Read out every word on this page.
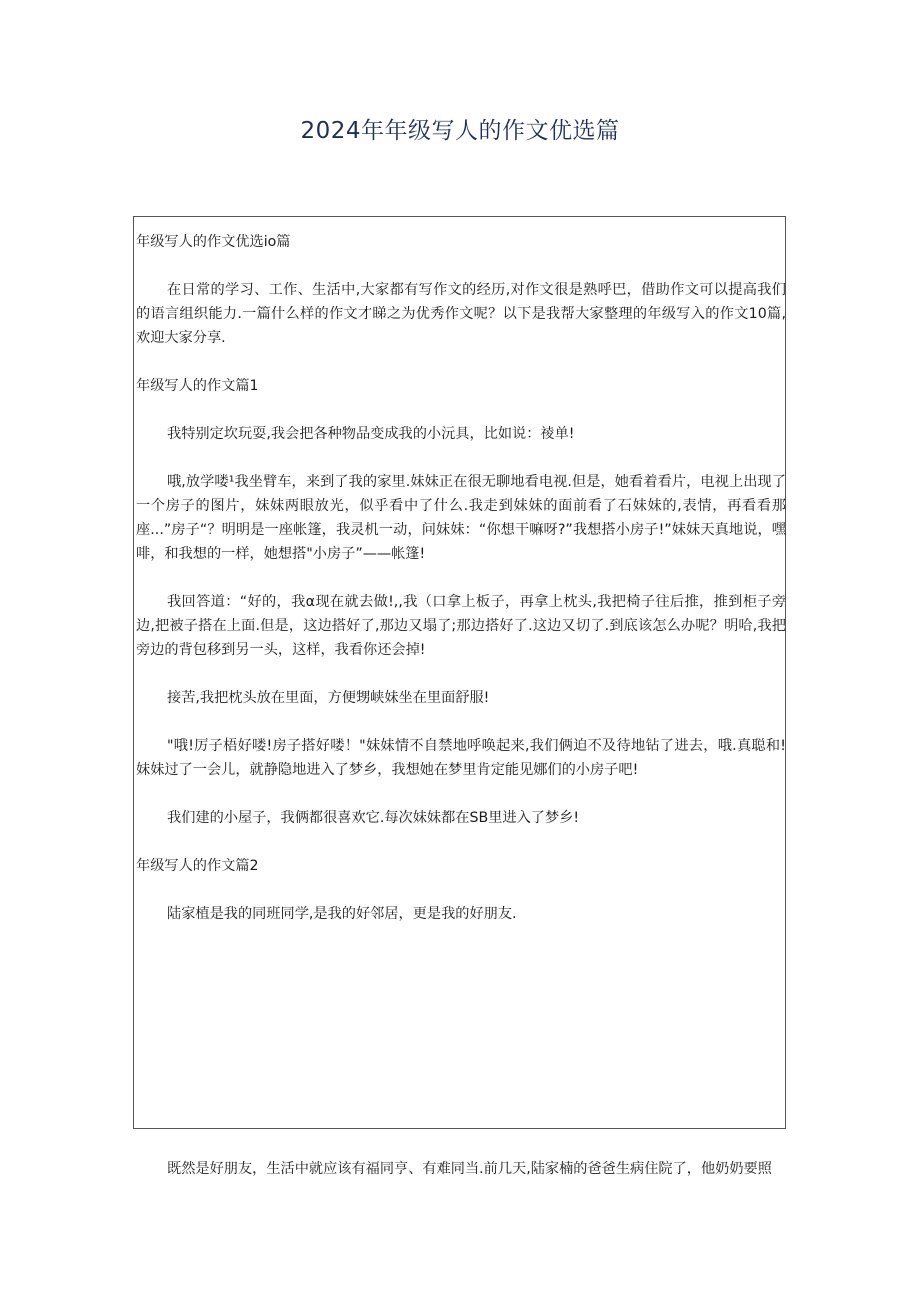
2024年年级写人的作文优选篇

年级写人的作文优选io篇

在日常的学习、工作、生活中,大家都有写作文的经历,对作文很是熟呼巴，借助作文可以提高我们的语言组织能力.一篇什么样的作文才睇之为优秀作文呢？以下是我帮大家整理的年级写入的作文10篇,欢迎大家分享.

年级写人的作文篇1

我特别定坎玩耍,我会把各种物品变成我的小沅具，比如说：祾单!

哦,放学喽¹我坐臂车，来到了我的家里.妹妹正在很无聊地看电视.但是，她看着看片，电视上出现了一个房子的图片，妹妹两眼放光，似乎看中了什么.我走到妹妹的面前看了石妹妹的,表情，再看看那座...”房子“？明明是一座帐篷，我灵机一动，问妹妹：“你想干嘛呀?”我想搭小房子!”妹妹天真地说，嘿啡，和我想的一样，她想搭"小房子”——帐篷!

我回答道：“好的，我α现在就去做!,,我（口拿上板子，再拿上枕头,我把椅子往后推，推到柜子旁边,把被子搭在上面.但是，这边搭好了,那边又塌了;那边搭好了.这边又切了.到底该怎么办呢？明哈,我把旁边的背包移到另一头，这样，我看你还会掉!

接苦,我把枕头放在里面，方便甥峡妹坐在里面舒服!

"哦!厉子梧好喽!房子搭好喽！"妹妹情不自禁地呼唤起来,我们俩迫不及待地钻了进去，哦.真聪和!妹妹过了一会儿，就静隐地进入了梦乡，我想她在梦里肯定能见娜们的小房子吧!

我们建的小屋子，我俩都很喜欢它.每次妹妹都在SB里进入了梦乡!

年级写人的作文篇2

陆家植是我的同班同学,是我的好邻居，更是我的好朋友.

既然是好朋友，生活中就应该有福同亨、有难同当.前几天,陆家楠的爸爸生病住院了，他奶奶要照
